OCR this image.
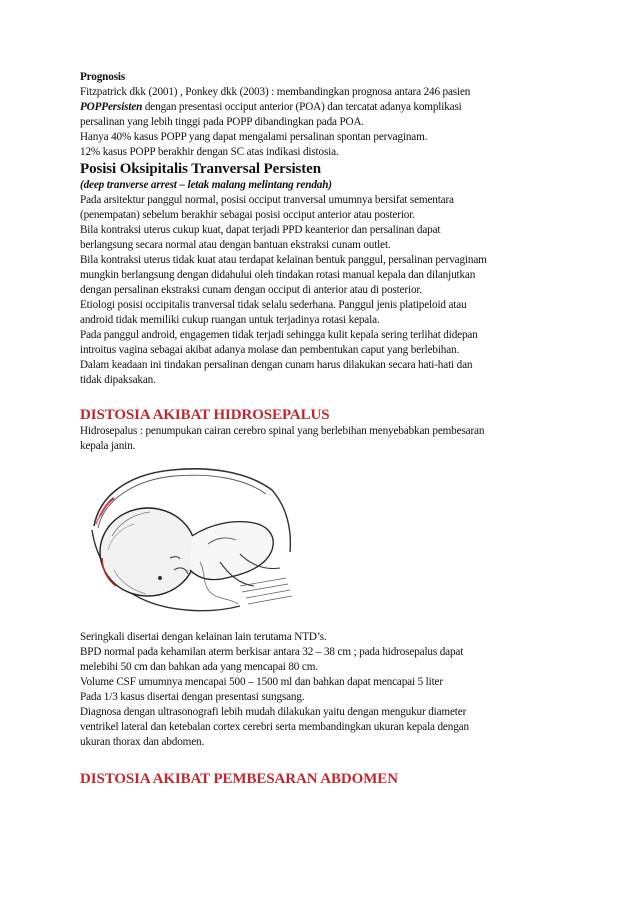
Prognosis

Fitzpatrick dkk (2001) , Ponkey dkk (2003) : membandingkan prognosa antara 246 pasien

POPPersisten dengan presentasi occiput anterior (POA) dan tercatat adanya komplikasi

persalinan yang lebih tinggi pada POPP dibandingkan pada POA.

Hanya 40% kasus POPP yang dapat mengalami persalinan spontan pervaginam.

12% kasus POPP berakhir dengan SC atas indikasi distosia.

Posisi Oksipitalis Tranversal Persisten

(deep tranverse arrest – letak malang melintang rendah)

Pada arsitektur panggul normal, posisi occiput tranversal umumnya bersifat sementara

(penempatan) sebelum berakhir sebagai posisi occiput anterior atau posterior.

Bila kontraksi uterus cukup kuat, dapat terjadi PPD keanterior dan persalinan dapat

berlangsung secara normal atau dengan bantuan ekstraksi cunam outlet.

Bila kontraksi uterus tidak kuat atau terdapat kelainan bentuk panggul, persalinan pervaginam

mungkin berlangsung dengan didahului oleh tindakan rotasi manual kepala dan dilanjutkan

dengan persalinan ekstraksi cunam dengan occiput di anterior atau di posterior.

Etiologi posisi occipitalis tranversal tidak selalu sederhana. Panggul jenis platipeloid atau

android tidak memiliki cukup ruangan untuk terjadinya rotasi kepala.

Pada panggul android, engagemen tidak terjadi sehingga kulit kepala sering terlihat didepan

introitus vagina sebagai akibat adanya molase dan pembentukan caput yang berlebihan.

Dalam keadaan ini tindakan persalinan dengan cunam harus dilakukan secara hati-hati dan

tidak dipaksakan.

DISTOSIA AKIBAT HIDROSEPALUS

Hidrosepalus : penumpukan cairan cerebro spinal yang berlebihan menyebabkan pembesaran

kepala janin.

Seringkali disertai dengan kelainan lain terutama NTD’s.

BPD normal pada kehamilan aterm berkisar antara 32 – 38 cm ; pada hidrosepalus dapat

melebihi 50 cm dan bahkan ada yang mencapai 80 cm.

Volume CSF umumnya mencapai 500 – 1500 ml dan bahkan dapat mencapai 5 liter

Pada 1/3 kasus disertai dengan presentasi sungsang.

Diagnosa dengan ultrasonografi lebih mudah dilakukan yaitu dengan mengukur diameter

ventrikel lateral dan ketebalan cortex cerebri serta membandingkan ukuran kepala dengan

ukuran thorax dan abdomen.

DISTOSIA AKIBAT PEMBESARAN ABDOMEN
